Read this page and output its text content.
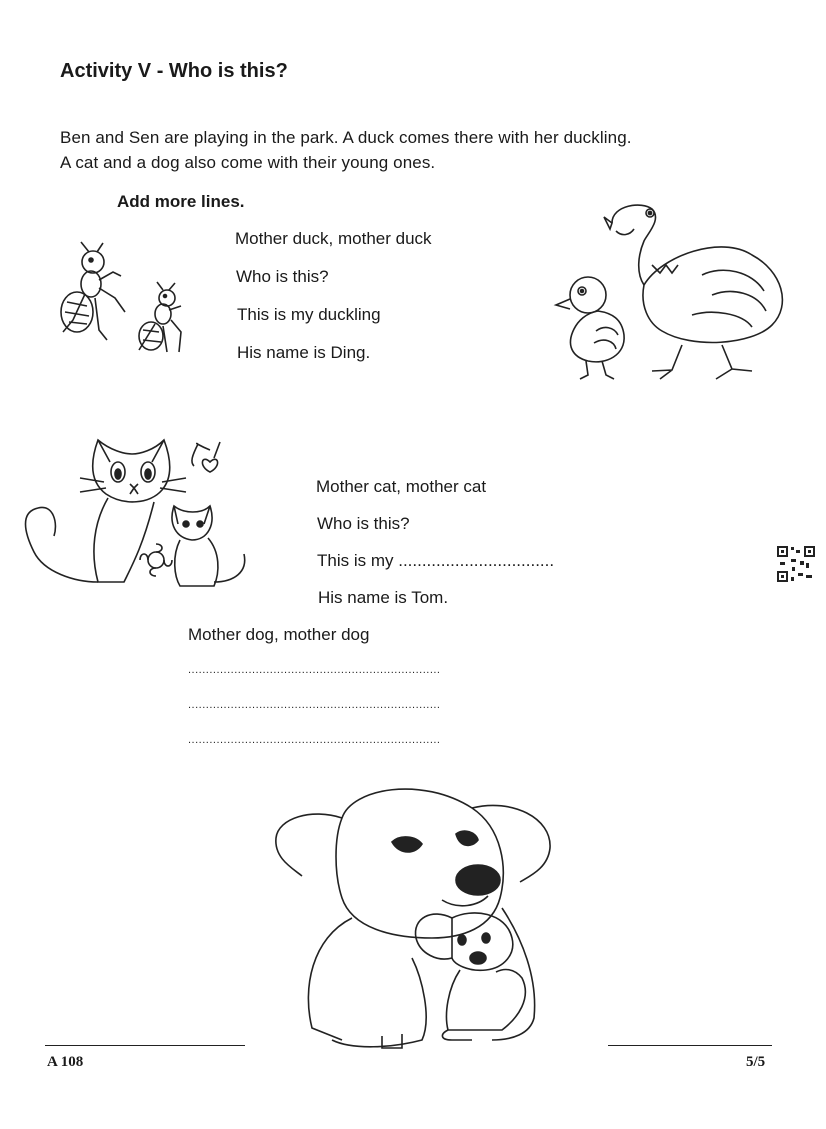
Activity V - Who is this?
Ben and Sen are playing in the park. A duck comes there with her duckling.
A cat and a dog also come with their young ones.
Add more lines.
Mother duck, mother duck
Who is this?
This is my duckling
His name is Ding.
Mother cat, mother cat
Who is this?
This is my .................................
His name is Tom.
Mother dog, mother dog
.......................................................................
.......................................................................
.......................................................................
A 108	5/5
